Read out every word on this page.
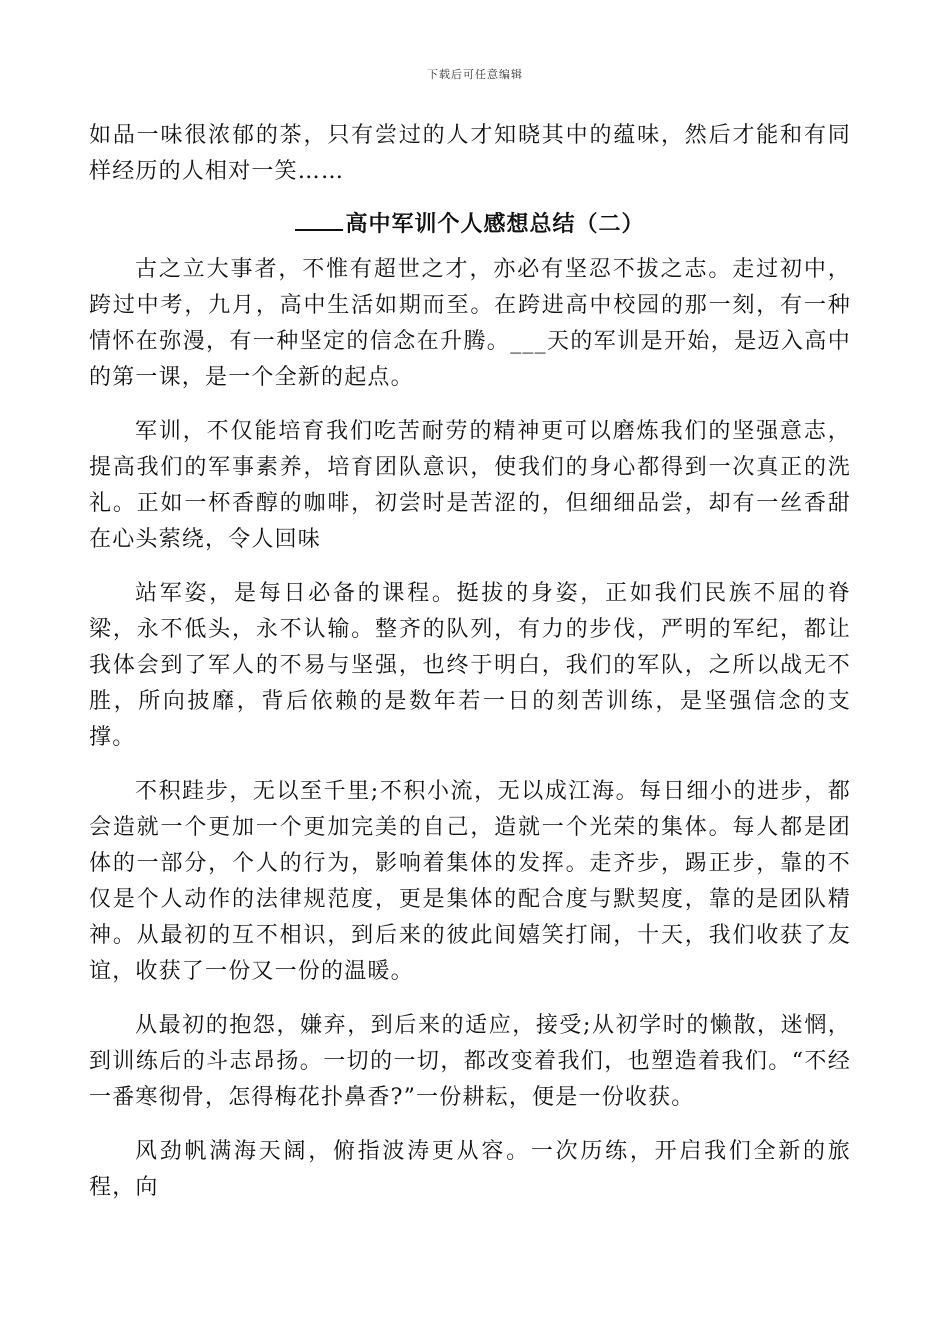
下载后可任意编辑

如品一味很浓郁的茶，只有尝过的人才知晓其中的蕴味，然后才能和有同样经历的人相对一笑……

高中军训个人感想总结（二）

古之立大事者，不惟有超世之才，亦必有坚忍不拔之志。走过初中，跨过中考，九月，高中生活如期而至。在跨进高中校园的那一刻，有一种情怀在弥漫，有一种坚定的信念在升腾。___天的军训是开始，是迈入高中的第一课，是一个全新的起点。

军训，不仅能培育我们吃苦耐劳的精神更可以磨炼我们的坚强意志，提高我们的军事素养，培育团队意识，使我们的身心都得到一次真正的洗礼。正如一杯香醇的咖啡，初尝时是苦涩的，但细细品尝，却有一丝香甜在心头萦绕，令人回味

站军姿，是每日必备的课程。挺拔的身姿，正如我们民族不屈的脊梁，永不低头，永不认输。整齐的队列，有力的步伐，严明的军纪，都让我体会到了军人的不易与坚强，也终于明白，我们的军队，之所以战无不胜，所向披靡，背后依赖的是数年若一日的刻苦训练，是坚强信念的支撑。

不积跬步，无以至千里;不积小流，无以成江海。每日细小的进步，都会造就一个更加一个更加完美的自己，造就一个光荣的集体。每人都是团体的一部分，个人的行为，影响着集体的发挥。走齐步，踢正步，靠的不仅是个人动作的法律规范度，更是集体的配合度与默契度，靠的是团队精神。从最初的互不相识，到后来的彼此间嬉笑打闹，十天，我们收获了友谊，收获了一份又一份的温暖。

从最初的抱怨，嫌弃，到后来的适应，接受;从初学时的懒散，迷惘，到训练后的斗志昂扬。一切的一切，都改变着我们，也塑造着我们。“不经一番寒彻骨，怎得梅花扑鼻香?”一份耕耘，便是一份收获。

风劲帆满海天阔，俯指波涛更从容。一次历练，开启我们全新的旅程，向
